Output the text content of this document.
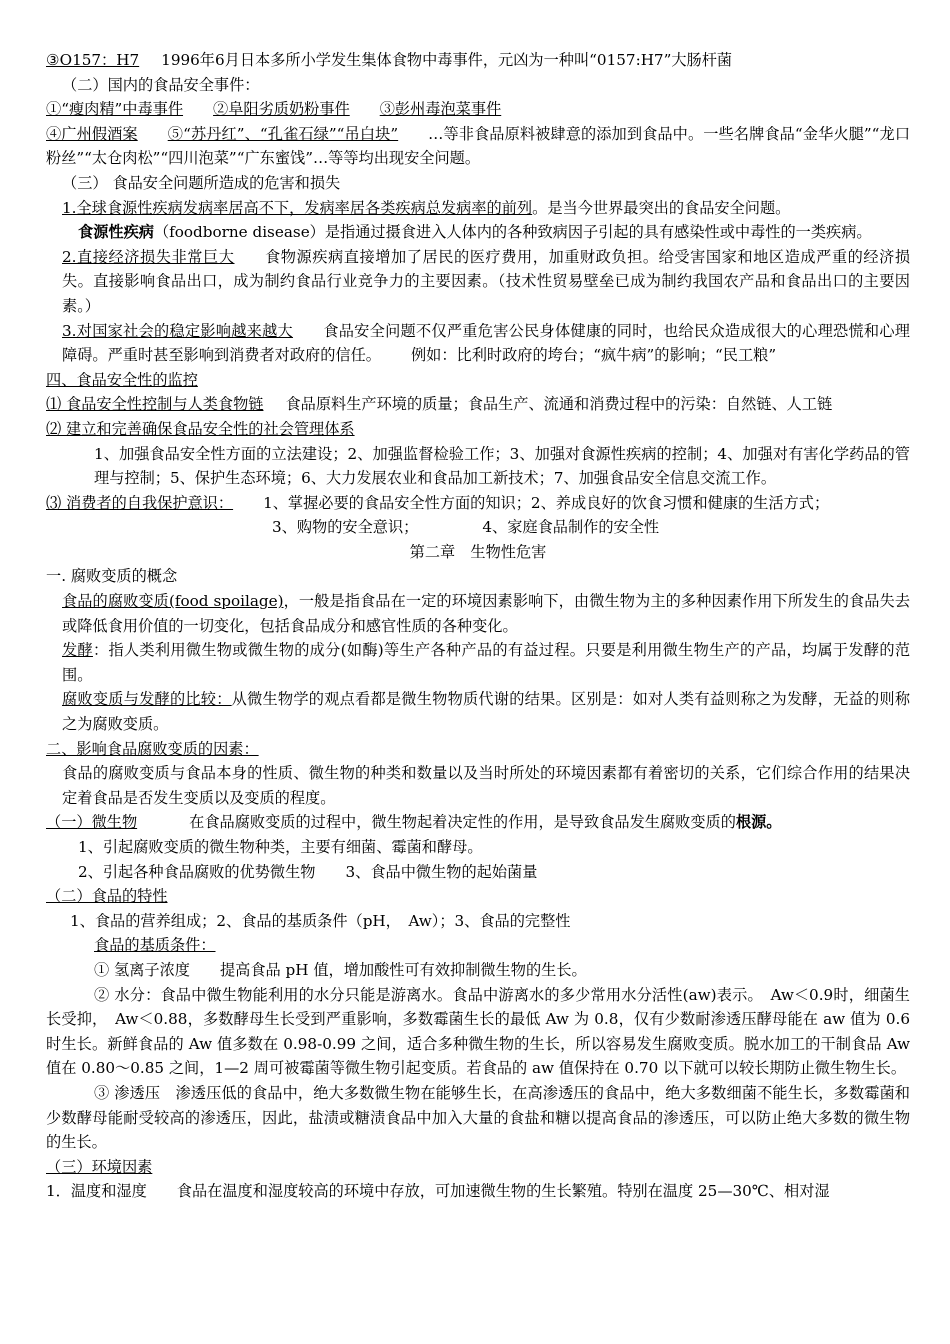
③O157：H7 1996年6月日本多所小学发生集体食物中毒事件，元凶为一种叫“0157:H7”大肠杆菌

（二）国内的食品安全事件：

①“瘦肉精”中毒事件 ②阜阳劣质奶粉事件 ③彭州毒泡菜事件

④广州假酒案 ⑤“苏丹红”、“孔雀石绿”“吊白块” …等非食品原料被肆意的添加到食品中。一些名牌食品“金华火腿”“龙口粉丝”“太仓肉松”“四川泡菜”“广东蜜饯”…等等均出现安全问题。

（三） 食品安全问题所造成的危害和损失

1.全球食源性疾病发病率居高不下，发病率居各类疾病总发病率的前列。是当今世界最突出的食品安全问题。

食源性疾病（foodborne disease）是指通过摄食进入人体内的各种致病因子引起的具有感染性或中毒性的一类疾病。

2.直接经济损失非常巨大 食物源疾病直接增加了居民的医疗费用，加重财政负担。给受害国家和地区造成严重的经济损失。直接影响食品出口，成为制约食品行业竞争力的主要因素。（技术性贸易壁垒已成为制约我国农产品和食品出口的主要因素。）

3.对国家社会的稳定影响越来越大 食品安全问题不仅严重危害公民身体健康的同时，也给民众造成很大的心理恐慌和心理障碍。严重时甚至影响到消费者对政府的信任。 例如：比利时政府的垮台；“疯牛病”的影响；“民工粮”

四、食品安全性的监控

⑴ 食品安全性控制与人类食物链 食品原料生产环境的质量；食品生产、流通和消费过程中的污染：自然链、人工链

⑵ 建立和完善确保食品安全性的社会管理体系

1、加强食品安全性方面的立法建设；2、加强监督检验工作；3、加强对食源性疾病的控制；4、加强对有害化学药品的管理与控制；5、保护生态环境；6、大力发展农业和食品加工新技术；7、加强食品安全信息交流工作。

⑶ 消费者的自我保护意识： 1、掌握必要的食品安全性方面的知识；2、养成良好的饮食习惯和健康的生活方式；

3、购物的安全意识；	4、家庭食品制作的安全性

第二章　生物性危害

一. 腐败变质的概念

食品的腐败变质(food spoilage)，一般是指食品在一定的环境因素影响下，由微生物为主的多种因素作用下所发生的食品失去或降低食用价值的一切变化，包括食品成分和感官性质的各种变化。

发酵：指人类利用微生物或微生物的成分(如酶)等生产各种产品的有益过程。只要是利用微生物生产的产品，均属于发酵的范围。

腐败变质与发酵的比较：从微生物学的观点看都是微生物物质代谢的结果。区别是：如对人类有益则称之为发酵，无益的则称之为腐败变质。

二、影响食品腐败变质的因素：

食品的腐败变质与食品本身的性质、微生物的种类和数量以及当时所处的环境因素都有着密切的关系，它们综合作用的结果决定着食品是否发生变质以及变质的程度。

（一）微生物	在食品腐败变质的过程中，微生物起着决定性的作用，是导致食品发生腐败变质的根源。

1、引起腐败变质的微生物种类，主要有细菌、霉菌和酵母。

2、引起各种食品腐败的优势微生物 3、食品中微生物的起始菌量

（二）食品的特性

1、食品的营养组成；2、食品的基质条件（pH，　Aw）；3、食品的完整性

食品的基质条件：

① 氢离子浓度 提高食品 pH 值，增加酸性可有效抑制微生物的生长。

② 水分：食品中微生物能利用的水分只能是游离水。食品中游离水的多少常用水分活性(aw)表示。　Aw＜0.9时，细菌生长受抑，　Aw＜0.88，多数酵母生长受到严重影响，多数霉菌生长的最低 Aw 为 0.8，仅有少数耐渗透压酵母能在 aw 值为 0.6 时生长。新鲜食品的 Aw 值多数在 0.98-0.99 之间，适合多种微生物的生长，所以容易发生腐败变质。脱水加工的干制食品 Aw 值在 0.80～0.85 之间，1—2 周可被霉菌等微生物引起变质。若食品的 aw 值保持在 0.70 以下就可以较长期防止微生物生长。

③ 渗透压　渗透压低的食品中，绝大多数微生物在能够生长，在高渗透压的食品中，绝大多数细菌不能生长，多数霉菌和少数酵母能耐受较高的渗透压，因此，盐渍或糖渍食品中加入大量的食盐和糖以提高食品的渗透压，可以防止绝大多数的微生物的生长。

（三）环境因素

1．温度和湿度 食品在温度和湿度较高的环境中存放，可加速微生物的生长繁殖。特别在温度 25—30℃、相对湿
